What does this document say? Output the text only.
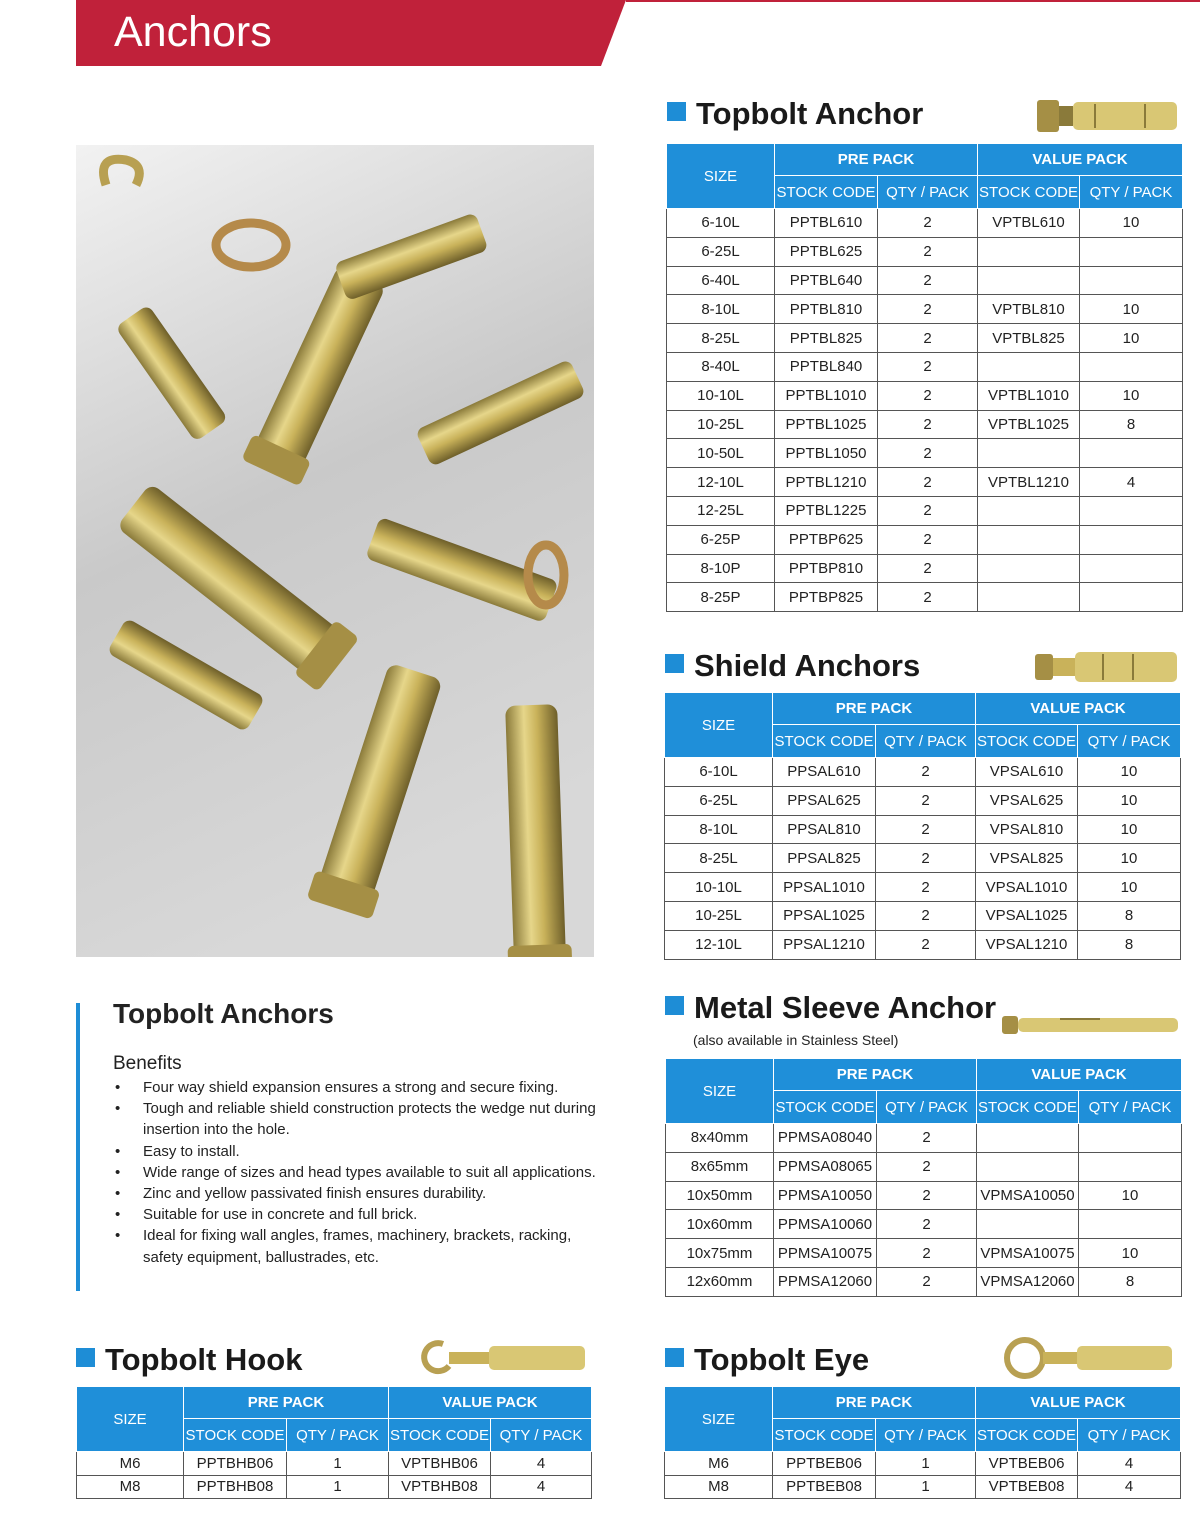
Anchors
Topbolt Anchors
Benefits
• Four way shield expansion ensures a strong and secure fixing.
• Tough and reliable shield construction protects the wedge nut during insertion into the hole.
• Easy to install.
• Wide range of sizes and head types available to suit all applications.
• Zinc and yellow passivated finish ensures durability.
• Suitable for use in concrete and full brick.
• Ideal for fixing wall angles, frames, machinery, brackets, racking, safety equipment, ballustrades, etc.
Topbolt Anchor
Shield Anchors
Metal Sleeve Anchor
(also available in Stainless Steel)
Topbolt Hook	Topbolt Eye
SIZE	PRE PACK		VALUE PACK	
	STOCK CODE	QTY / PACK	STOCK CODE	QTY / PACK
6-10L	PPTBL610	2	VPTBL610	10
6-25L	PPTBL625	2		
6-40L	PPTBL640	2		
8-10L	PPTBL810	2	VPTBL810	10
8-25L	PPTBL825	2	VPTBL825	10
8-40L	PPTBL840	2		
10-10L	PPTBL1010	2	VPTBL1010	10
10-25L	PPTBL1025	2	VPTBL1025	8
10-50L	PPTBL1050	2		
12-10L	PPTBL1210	2	VPTBL1210	4
12-25L	PPTBL1225	2		
6-25P	PPTBP625	2		
8-10P	PPTBP810	2		
8-25P	PPTBP825	2		
SIZE	PRE PACK		VALUE PACK	
	STOCK CODE	QTY / PACK	STOCK CODE	QTY / PACK
6-10L	PPSAL610	2	VPSAL610	10
6-25L	PPSAL625	2	VPSAL625	10
8-10L	PPSAL810	2	VPSAL810	10
8-25L	PPSAL825	2	VPSAL825	10
10-10L	PPSAL1010	2	VPSAL1010	10
10-25L	PPSAL1025	2	VPSAL1025	8
12-10L	PPSAL1210	2	VPSAL1210	8
SIZE	PRE PACK		VALUE PACK	
	STOCK CODE	QTY / PACK	STOCK CODE	QTY / PACK
8x40mm	PPMSA08040	2		
8x65mm	PPMSA08065	2		
10x50mm	PPMSA10050	2	VPMSA10050	10
10x60mm	PPMSA10060	2		
10x75mm	PPMSA10075	2	VPMSA10075	10
12x60mm	PPMSA12060	2	VPMSA12060	8
SIZE	PRE PACK		VALUE PACK	
	STOCK CODE	QTY / PACK	STOCK CODE	QTY / PACK
M6	PPTBHB06	1	VPTBHB06	4
M8	PPTBHB08	1	VPTBHB08	4
SIZE	PRE PACK		VALUE PACK	
	STOCK CODE	QTY / PACK	STOCK CODE	QTY / PACK
M6	PPTBEB06	1	VPTBEB06	4
M8	PPTBEB08	1	VPTBEB08	4
